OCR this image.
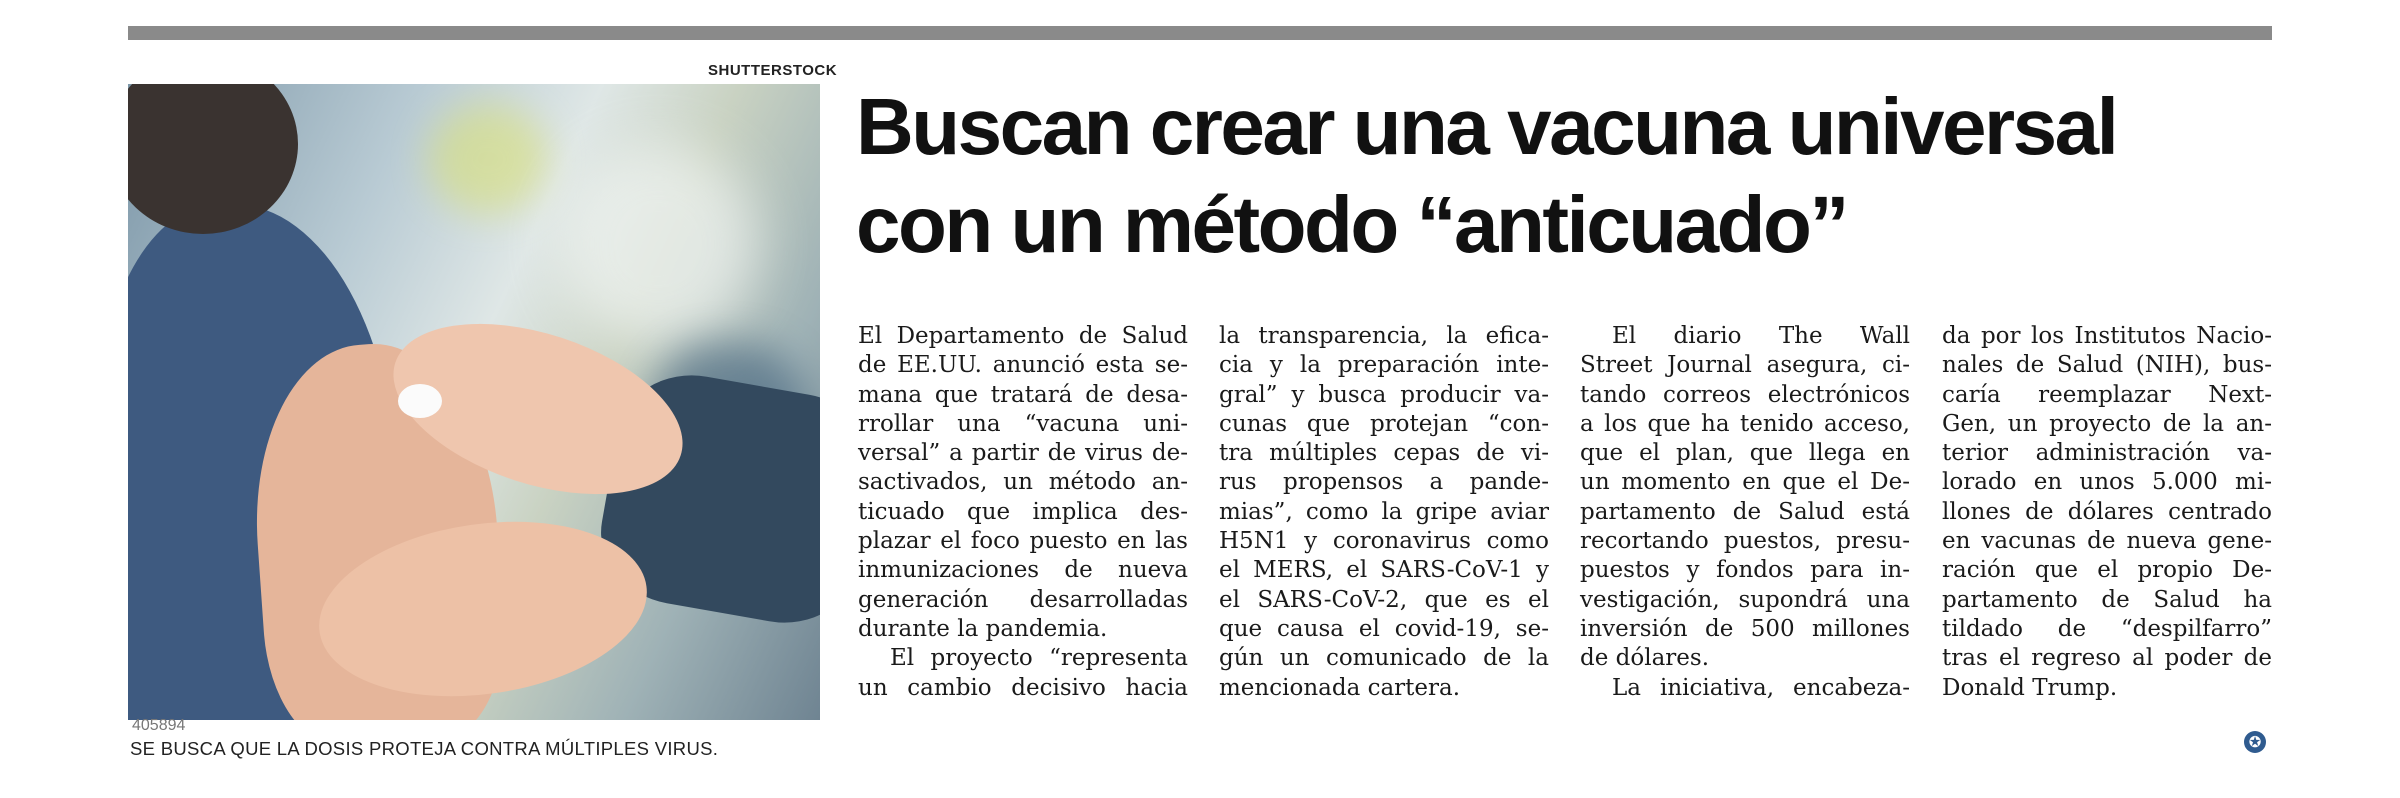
SHUTTERSTOCK
405894
SE BUSCA QUE LA DOSIS PROTEJA CONTRA MÚLTIPLES VIRUS.
Buscan crear una vacuna universal
con un método “anticuado”
El Departamento de Salud
de EE.UU. anunció esta se-
mana que tratará de desa-
rrollar una “vacuna uni-
versal” a partir de virus de-
sactivados, un método an-
ticuado que implica des-
plazar el foco puesto en las
inmunizaciones de nueva
generación desarrolladas
durante la pandemia.
El proyecto “representa
un cambio decisivo hacia
la transparencia, la efica-
cia y la preparación inte-
gral” y busca producir va-
cunas que protejan “con-
tra múltiples cepas de vi-
rus propensos a pande-
mias”, como la gripe aviar
H5N1 y coronavirus como
el MERS, el SARS-CoV-1 y
el SARS-CoV-2, que es el
que causa el covid-19, se-
gún un comunicado de la
mencionada cartera.
El diario The Wall
Street Journal asegura, ci-
tando correos electrónicos
a los que ha tenido acceso,
que el plan, que llega en
un momento en que el De-
partamento de Salud está
recortando puestos, presu-
puestos y fondos para in-
vestigación, supondrá una
inversión de 500 millones
de dólares.
La iniciativa, encabeza-
da por los Institutos Nacio-
nales de Salud (NIH), bus-
caría reemplazar Next-
Gen, un proyecto de la an-
terior administración va-
lorado en unos 5.000 mi-
llones de dólares centrado
en vacunas de nueva gene-
ración que el propio De-
partamento de Salud ha
tildado de “despilfarro”
tras el regreso al poder de
Donald Trump.
✪
